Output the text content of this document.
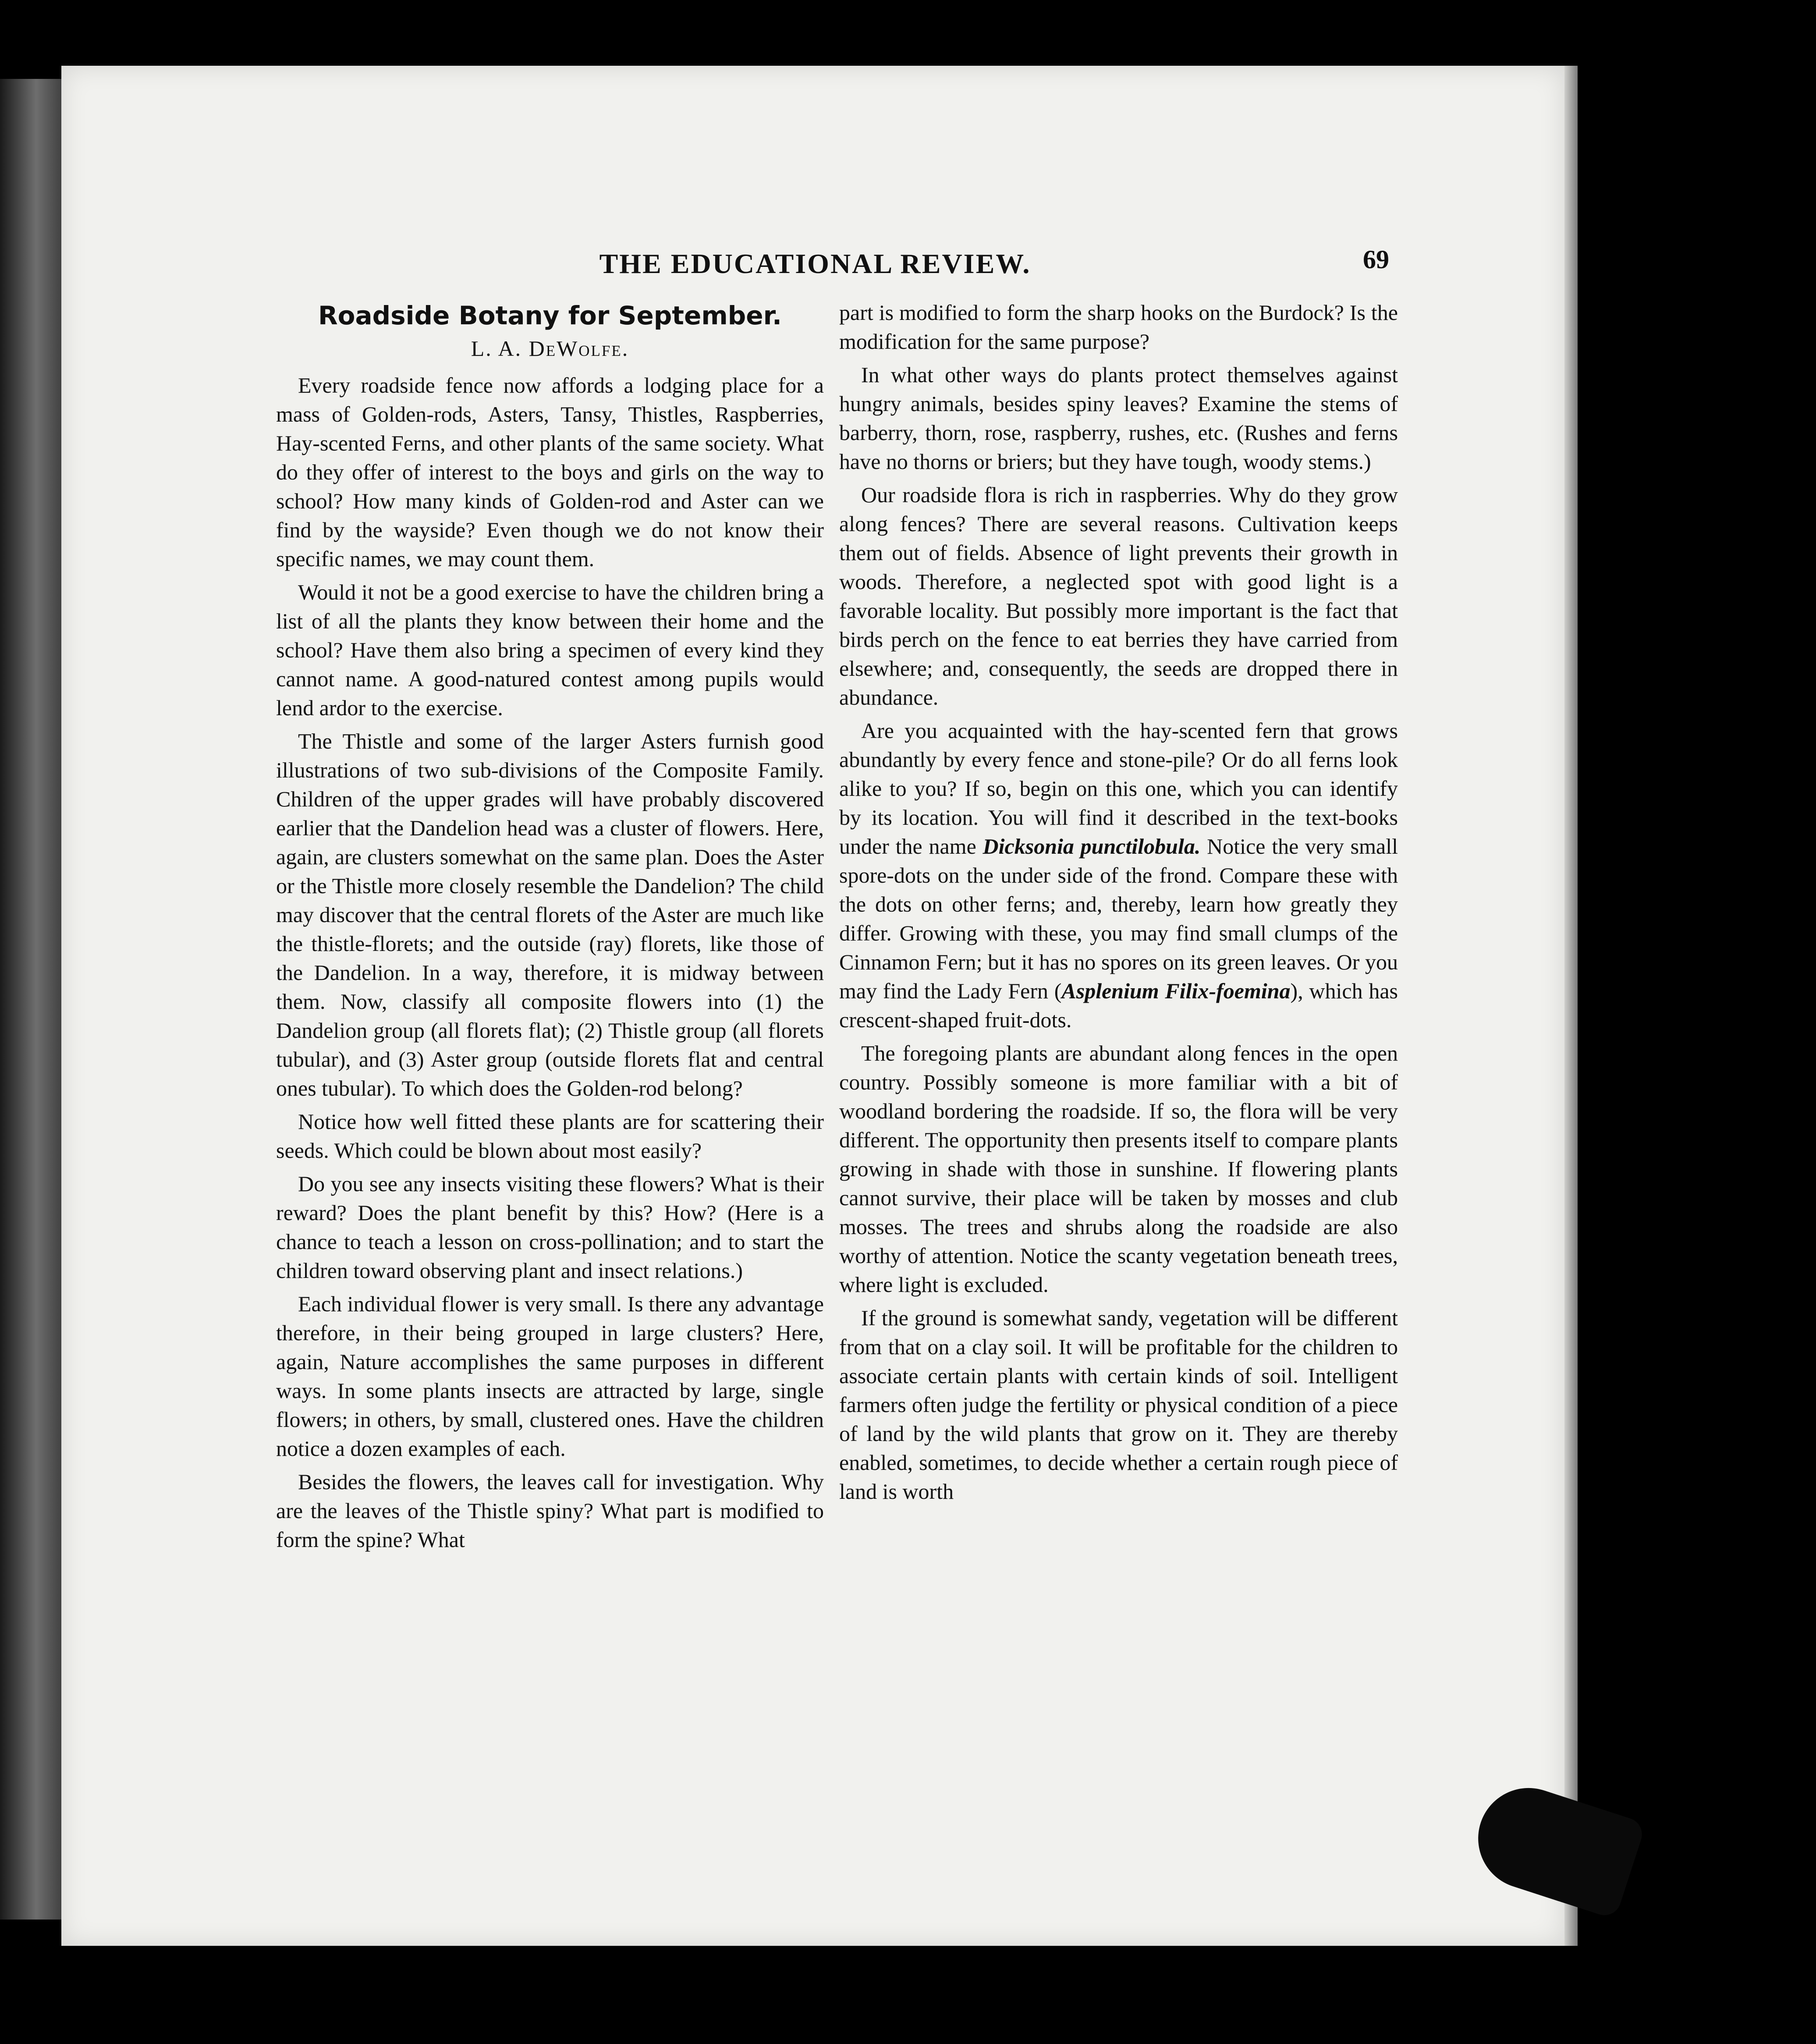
THE EDUCATIONAL REVIEW.	69
Roadside Botany for September.
L. A. DeWolfe.

Every roadside fence now affords a lodging place for a mass of Golden-rods, Asters, Tansy, Thistles, Raspberries, Hay-scented Ferns, and other plants of the same society. What do they offer of interest to the boys and girls on the way to school? How many kinds of Golden-rod and Aster can we find by the wayside? Even though we do not know their specific names, we may count them.

Would it not be a good exercise to have the children bring a list of all the plants they know between their home and the school? Have them also bring a specimen of every kind they cannot name. A good-natured contest among pupils would lend ardor to the exercise.

The Thistle and some of the larger Asters furnish good illustrations of two sub-divisions of the Composite Family. Children of the upper grades will have probably discovered earlier that the Dandelion head was a cluster of flowers. Here, again, are clusters somewhat on the same plan. Does the Aster or the Thistle more closely resemble the Dandelion? The child may discover that the central florets of the Aster are much like the thistle-florets; and the outside (ray) florets, like those of the Dandelion. In a way, therefore, it is midway between them. Now, classify all composite flowers into (1) the Dandelion group (all florets flat); (2) Thistle group (all florets tubular), and (3) Aster group (outside florets flat and central ones tubular). To which does the Golden-rod belong?

Notice how well fitted these plants are for scattering their seeds. Which could be blown about most easily?

Do you see any insects visiting these flowers? What is their reward? Does the plant benefit by this? How? (Here is a chance to teach a lesson on cross-pollination; and to start the children toward observing plant and insect relations.)

Each individual flower is very small. Is there any advantage therefore, in their being grouped in large clusters? Here, again, Nature accomplishes the same purposes in different ways. In some plants insects are attracted by large, single flowers; in others, by small, clustered ones. Have the children notice a dozen examples of each.

Besides the flowers, the leaves call for investigation. Why are the leaves of the Thistle spiny? What part is modified to form the spine? What

part is modified to form the sharp hooks on the Burdock? Is the modification for the same purpose?

In what other ways do plants protect themselves against hungry animals, besides spiny leaves? Examine the stems of barberry, thorn, rose, raspberry, rushes, etc. (Rushes and ferns have no thorns or briers; but they have tough, woody stems.)

Our roadside flora is rich in raspberries. Why do they grow along fences? There are several reasons. Cultivation keeps them out of fields. Absence of light prevents their growth in woods. Therefore, a neglected spot with good light is a favorable locality. But possibly more important is the fact that birds perch on the fence to eat berries they have carried from elsewhere; and, consequently, the seeds are dropped there in abundance.

Are you acquainted with the hay-scented fern that grows abundantly by every fence and stone-pile? Or do all ferns look alike to you? If so, begin on this one, which you can identify by its location. You will find it described in the text-books under the name Dicksonia punctilobula. Notice the very small spore-dots on the under side of the frond. Compare these with the dots on other ferns; and, thereby, learn how greatly they differ. Growing with these, you may find small clumps of the Cinnamon Fern; but it has no spores on its green leaves. Or you may find the Lady Fern (Asplenium Filix-foemina), which has crescent-shaped fruit-dots.

The foregoing plants are abundant along fences in the open country. Possibly someone is more familiar with a bit of woodland bordering the roadside. If so, the flora will be very different. The opportunity then presents itself to compare plants growing in shade with those in sunshine. If flowering plants cannot survive, their place will be taken by mosses and club mosses. The trees and shrubs along the roadside are also worthy of attention. Notice the scanty vegetation beneath trees, where light is excluded.

If the ground is somewhat sandy, vegetation will be different from that on a clay soil. It will be profitable for the children to associate certain plants with certain kinds of soil. Intelligent farmers often judge the fertility or physical condition of a piece of land by the wild plants that grow on it. They are thereby enabled, sometimes, to decide whether a certain rough piece of land is worth
